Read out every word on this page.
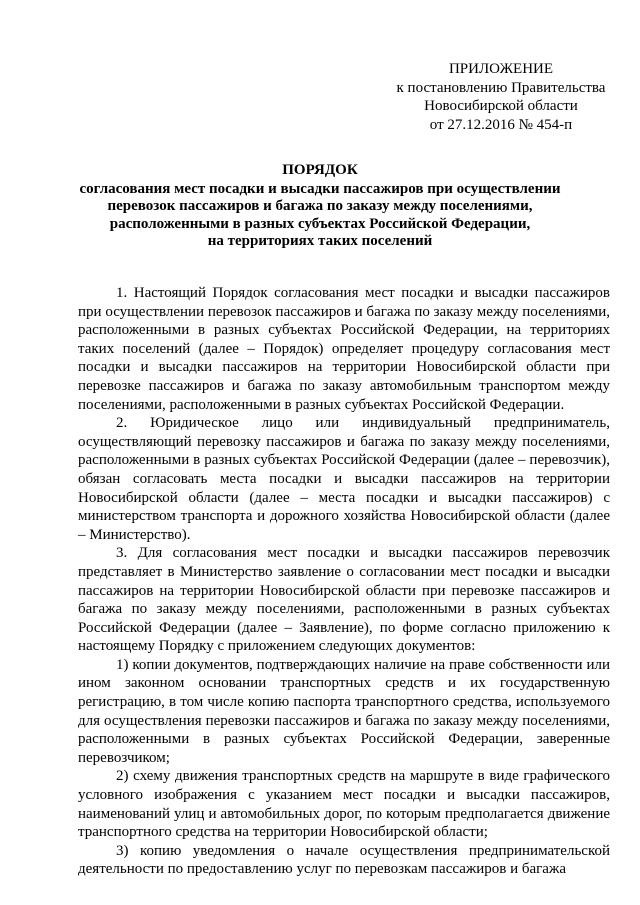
ПРИЛОЖЕНИЕ
к постановлению Правительства
Новосибирской области
от 27.12.2016 № 454-п
ПОРЯДОК
согласования мест посадки и высадки пассажиров при осуществлении
перевозок пассажиров и багажа по заказу между поселениями,
расположенными в разных субъектах Российской Федерации,
на территориях таких поселений

1. Настоящий Порядок согласования мест посадки и высадки пассажиров при осуществлении перевозок пассажиров и багажа по заказу между поселениями, расположенными в разных субъектах Российской Федерации, на территориях таких поселений (далее – Порядок) определяет процедуру согласования мест посадки и высадки пассажиров на территории Новосибирской области при перевозке пассажиров и багажа по заказу автомобильным транспортом между поселениями, расположенными в разных субъектах Российской Федерации.

2. Юридическое лицо или индивидуальный предприниматель, осуществляющий перевозку пассажиров и багажа по заказу между поселениями, расположенными в разных субъектах Российской Федерации (далее – перевозчик), обязан согласовать места посадки и высадки пассажиров на территории Новосибирской области (далее – места посадки и высадки пассажиров) с министерством транспорта и дорожного хозяйства Новосибирской области (далее – Министерство).

3. Для согласования мест посадки и высадки пассажиров перевозчик представляет в Министерство заявление о согласовании мест посадки и высадки пассажиров на территории Новосибирской области при перевозке пассажиров и багажа по заказу между поселениями, расположенными в разных субъектах Российской Федерации (далее – Заявление), по форме согласно приложению к настоящему Порядку с приложением следующих документов:

1) копии документов, подтверждающих наличие на праве собственности или ином законном основании транспортных средств и их государственную регистрацию, в том числе копию паспорта транспортного средства, используемого для осуществления перевозки пассажиров и багажа по заказу между поселениями, расположенными в разных субъектах Российской Федерации, заверенные перевозчиком;

2) схему движения транспортных средств на маршруте в виде графического условного изображения с указанием мест посадки и высадки пассажиров, наименований улиц и автомобильных дорог, по которым предполагается движение транспортного средства на территории Новосибирской области;

3) копию уведомления о начале осуществления предпринимательской деятельности по предоставлению услуг по перевозкам пассажиров и багажа
